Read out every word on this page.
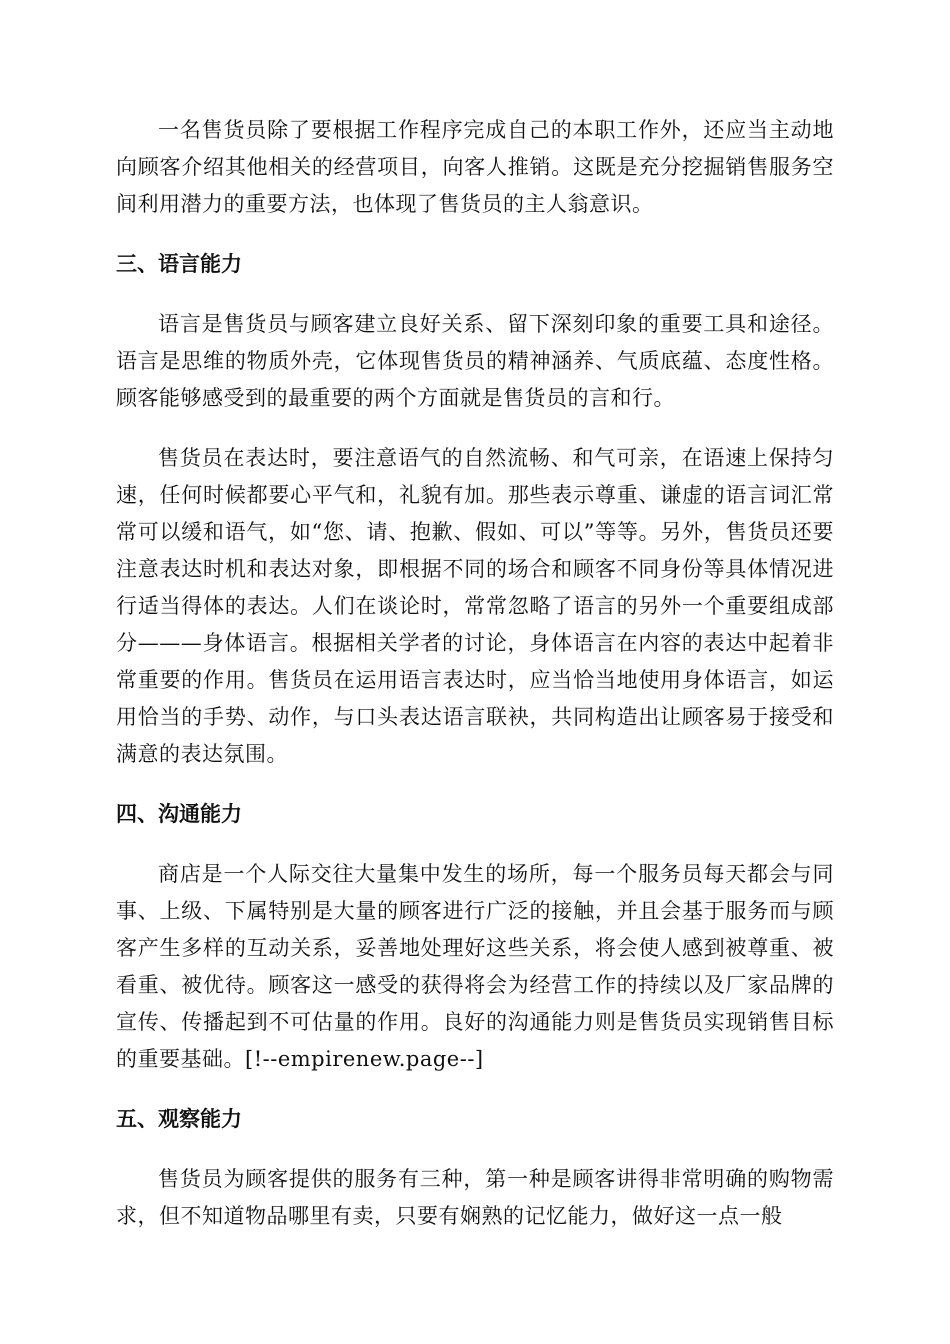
一名售货员除了要根据工作程序完成自己的本职工作外，还应当主动地向顾客介绍其他相关的经营项目，向客人推销。这既是充分挖掘销售服务空间利用潜力的重要方法，也体现了售货员的主人翁意识。

三、语言能力

语言是售货员与顾客建立良好关系、留下深刻印象的重要工具和途径。语言是思维的物质外壳，它体现售货员的精神涵养、气质底蕴、态度性格。顾客能够感受到的最重要的两个方面就是售货员的言和行。

售货员在表达时，要注意语气的自然流畅、和气可亲，在语速上保持匀速，任何时候都要心平气和，礼貌有加。那些表示尊重、谦虚的语言词汇常常可以缓和语气，如“您、请、抱歉、假如、可以”等等。另外，售货员还要注意表达时机和表达对象，即根据不同的场合和顾客不同身份等具体情况进行适当得体的表达。人们在谈论时，常常忽略了语言的另外一个重要组成部分———身体语言。根据相关学者的讨论，身体语言在内容的表达中起着非常重要的作用。售货员在运用语言表达时，应当恰当地使用身体语言，如运用恰当的手势、动作，与口头表达语言联袂，共同构造出让顾客易于接受和满意的表达氛围。

四、沟通能力

商店是一个人际交往大量集中发生的场所，每一个服务员每天都会与同事、上级、下属特别是大量的顾客进行广泛的接触，并且会基于服务而与顾客产生多样的互动关系，妥善地处理好这些关系，将会使人感到被尊重、被看重、被优待。顾客这一感受的获得将会为经营工作的持续以及厂家品牌的宣传、传播起到不可估量的作用。良好的沟通能力则是售货员实现销售目标的重要基础。[!--empirenew.page--]

五、观察能力

售货员为顾客提供的服务有三种，第一种是顾客讲得非常明确的购物需求，但不知道物品哪里有卖，只要有娴熟的记忆能力，做好这一点一般
